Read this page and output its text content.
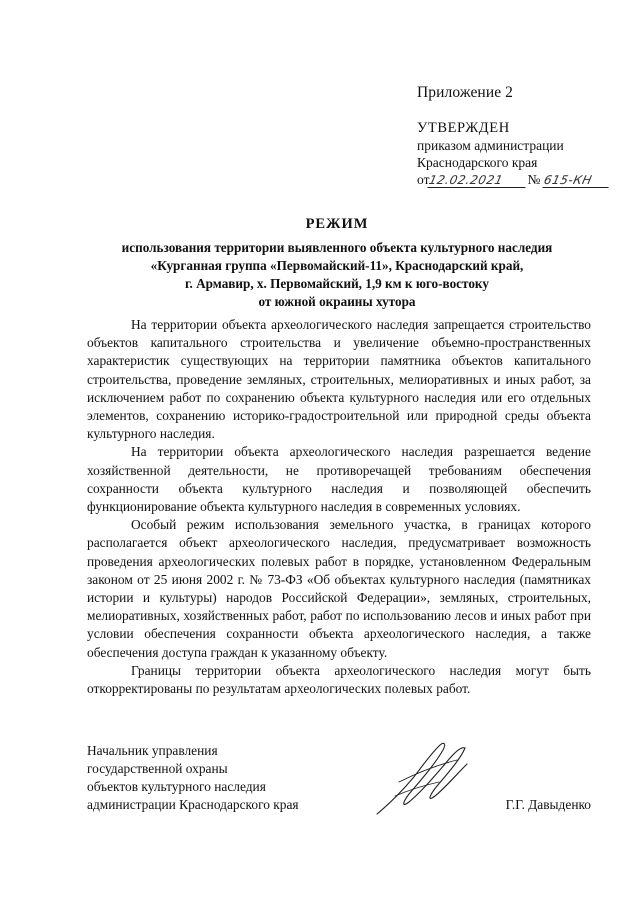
Приложение 2
УТВЕРЖДЕН
приказом администрации
Краснодарского края
от12.02.2021 № 615-КН
РЕЖИМ
использования территории выявленного объекта культурного наследия
«Курганная группа «Первомайский-11», Краснодарский край,
г. Армавир, х. Первомайский, 1,9 км к юго-востоку
от южной окраины хутора

На территории объекта археологического наследия запрещается строительство объектов капитального строительства и увеличение объемно-пространственных характеристик существующих на территории памятника объектов капитального строительства, проведение земляных, строительных, мелиоративных и иных работ, за исключением работ по сохранению объекта культурного наследия или его отдельных элементов, сохранению историко-градостроительной или природной среды объекта культурного наследия.

На территории объекта археологического наследия разрешается ведение хозяйственной деятельности, не противоречащей требованиям обеспечения сохранности объекта культурного наследия и позволяющей обеспечить функционирование объекта культурного наследия в современных условиях.

Особый режим использования земельного участка, в границах которого располагается объект археологического наследия, предусматривает возможность проведения археологических полевых работ в порядке, установленном Федеральным законом от 25 июня 2002 г. № 73-ФЗ «Об объектах культурного наследия (памятниках истории и культуры) народов Российской Федерации», земляных, строительных, мелиоративных, хозяйственных работ, работ по использованию лесов и иных работ при условии обеспечения сохранности объекта археологического наследия, а также обеспечения доступа граждан к указанному объекту.

Границы территории объекта археологического наследия могут быть откорректированы по результатам археологических полевых работ.

Начальник управления
государственной охраны
объектов культурного наследия
администрации Краснодарского края	Г.Г. Давыденко
